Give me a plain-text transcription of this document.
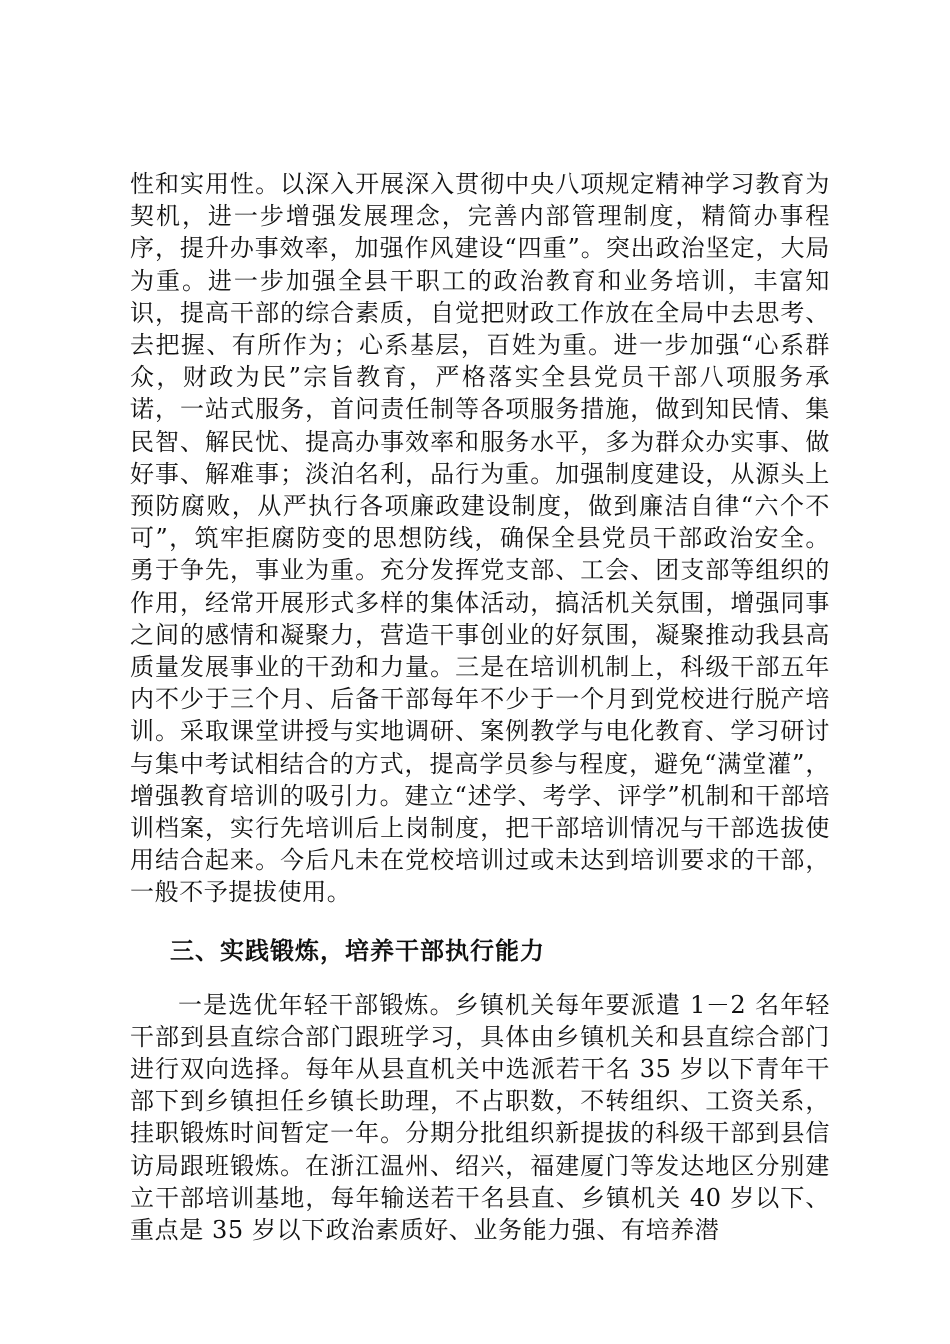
性和实用性。以深入开展深入贯彻中央八项规定精神学习教育为契机，进一步增强发展理念，完善内部管理制度，精简办事程序，提升办事效率，加强作风建设“四重”。突出政治坚定，大局为重。进一步加强全县干职工的政治教育和业务培训，丰富知识，提高干部的综合素质，自觉把财政工作放在全局中去思考、去把握、有所作为；心系基层，百姓为重。进一步加强“心系群众，财政为民”宗旨教育，严格落实全县党员干部八项服务承诺，一站式服务，首问责任制等各项服务措施，做到知民情、集民智、解民忧、提高办事效率和服务水平，多为群众办实事、做好事、解难事；淡泊名利，品行为重。加强制度建设，从源头上预防腐败，从严执行各项廉政建设制度，做到廉洁自律“六个不可”，筑牢拒腐防变的思想防线，确保全县党员干部政治安全。勇于争先，事业为重。充分发挥党支部、工会、团支部等组织的作用，经常开展形式多样的集体活动，搞活机关氛围，增强同事之间的感情和凝聚力，营造干事创业的好氛围，凝聚推动我县高质量发展事业的干劲和力量。三是在培训机制上，科级干部五年内不少于三个月、后备干部每年不少于一个月到党校进行脱产培训。采取课堂讲授与实地调研、案例教学与电化教育、学习研讨与集中考试相结合的方式，提高学员参与程度，避免“满堂灌”，增强教育培训的吸引力。建立“述学、考学、评学”机制和干部培训档案，实行先培训后上岗制度，把干部培训情况与干部选拔使用结合起来。今后凡未在党校培训过或未达到培训要求的干部，一般不予提拔使用。

三、实践锻炼，培养干部执行能力

一是选优年轻干部锻炼。乡镇机关每年要派遣 1－2 名年轻干部到县直综合部门跟班学习，具体由乡镇机关和县直综合部门进行双向选择。每年从县直机关中选派若干名 35 岁以下青年干部下到乡镇担任乡镇长助理，不占职数，不转组织、工资关系，挂职锻炼时间暂定一年。分期分批组织新提拔的科级干部到县信访局跟班锻炼。在浙江温州、绍兴，福建厦门等发达地区分别建立干部培训基地，每年输送若干名县直、乡镇机关 40 岁以下、重点是 35 岁以下政治素质好、业务能力强、有培养潜
